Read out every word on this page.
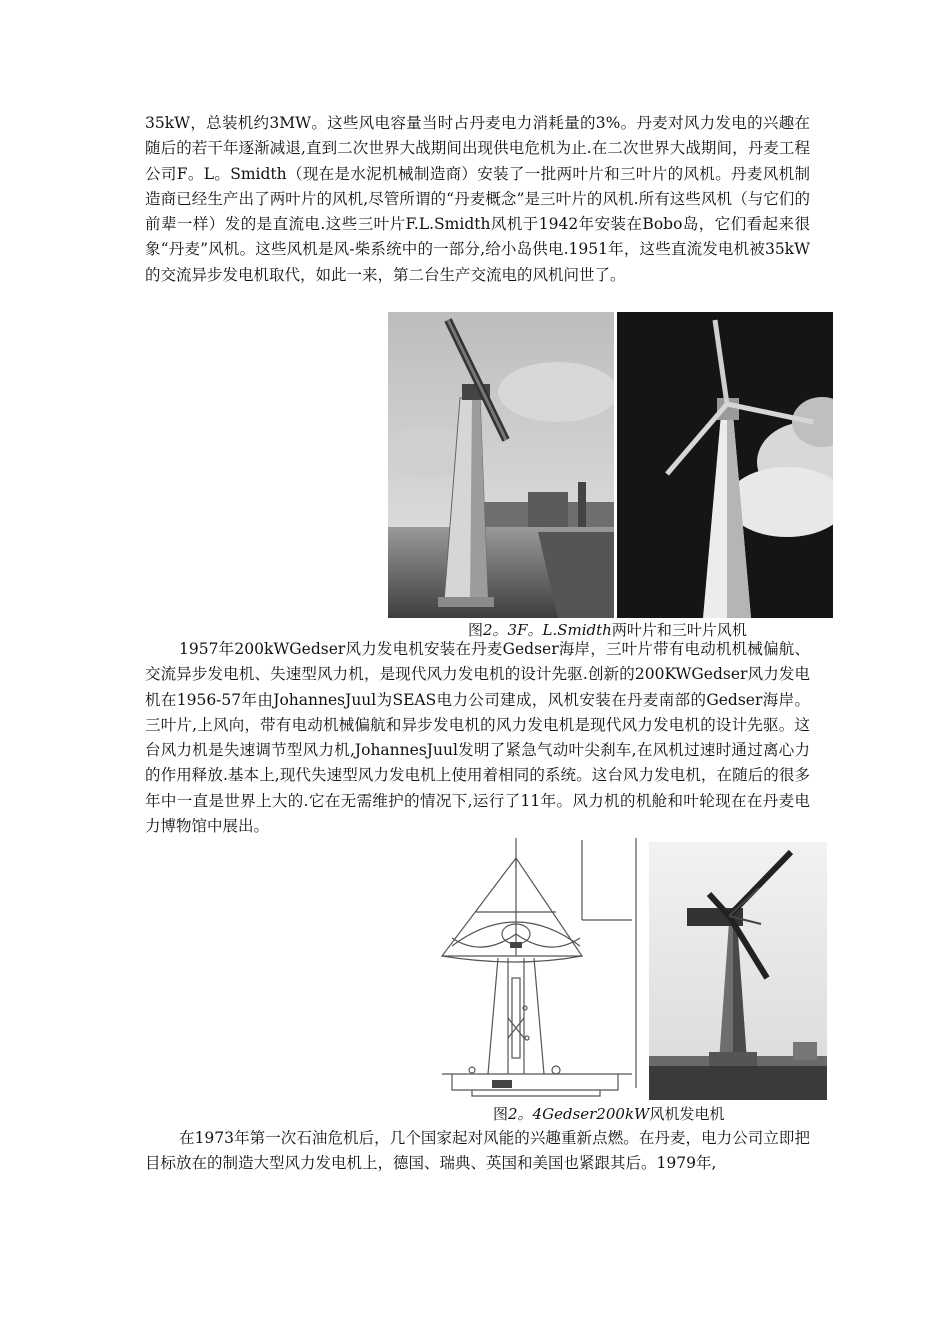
35kW，总装机约3MW。这些风电容量当时占丹麦电力消耗量的3%。丹麦对风力发电的兴趣在随后的若干年逐渐减退,直到二次世界大战期间出现供电危机为止.在二次世界大战期间，丹麦工程公司F。L。Smidth（现在是水泥机械制造商）安装了一批两叶片和三叶片的风机。丹麦风机制造商已经生产出了两叶片的风机,尽管所谓的“丹麦概念”是三叶片的风机.所有这些风机（与它们的前辈一样）发的是直流电.这些三叶片F.L.Smidth风机于1942年安装在Bobo岛，它们看起来很象“丹麦”风机。这些风机是风-柴系统中的一部分,给小岛供电.1951年，这些直流发电机被35kW的交流异步发电机取代，如此一来，第二台生产交流电的风机问世了。

图2。3F。L.Smidth两叶片和三叶片风机

1957年200kWGedser风力发电机安装在丹麦Gedser海岸，三叶片带有电动机机械偏航、交流异步发电机、失速型风力机，是现代风力发电机的设计先驱.创新的200KWGedser风力发电机在1956-57年由JohannesJuul为SEAS电力公司建成，风机安装在丹麦南部的Gedser海岸。三叶片,上风向，带有电动机械偏航和异步发电机的风力发电机是现代风力发电机的设计先驱。这台风力机是失速调节型风力机,JohannesJuul发明了紧急气动叶尖刹车,在风机过速时通过离心力的作用释放.基本上,现代失速型风力发电机上使用着相同的系统。这台风力发电机，在随后的很多年中一直是世界上大的.它在无需维护的情况下,运行了11年。风力机的机舱和叶轮现在在丹麦电力博物馆中展出。

图2。4Gedser200kW风机发电机

在1973年第一次石油危机后，几个国家起对风能的兴趣重新点燃。在丹麦，电力公司立即把目标放在的制造大型风力发电机上，德国、瑞典、英国和美国也紧跟其后。1979年,
